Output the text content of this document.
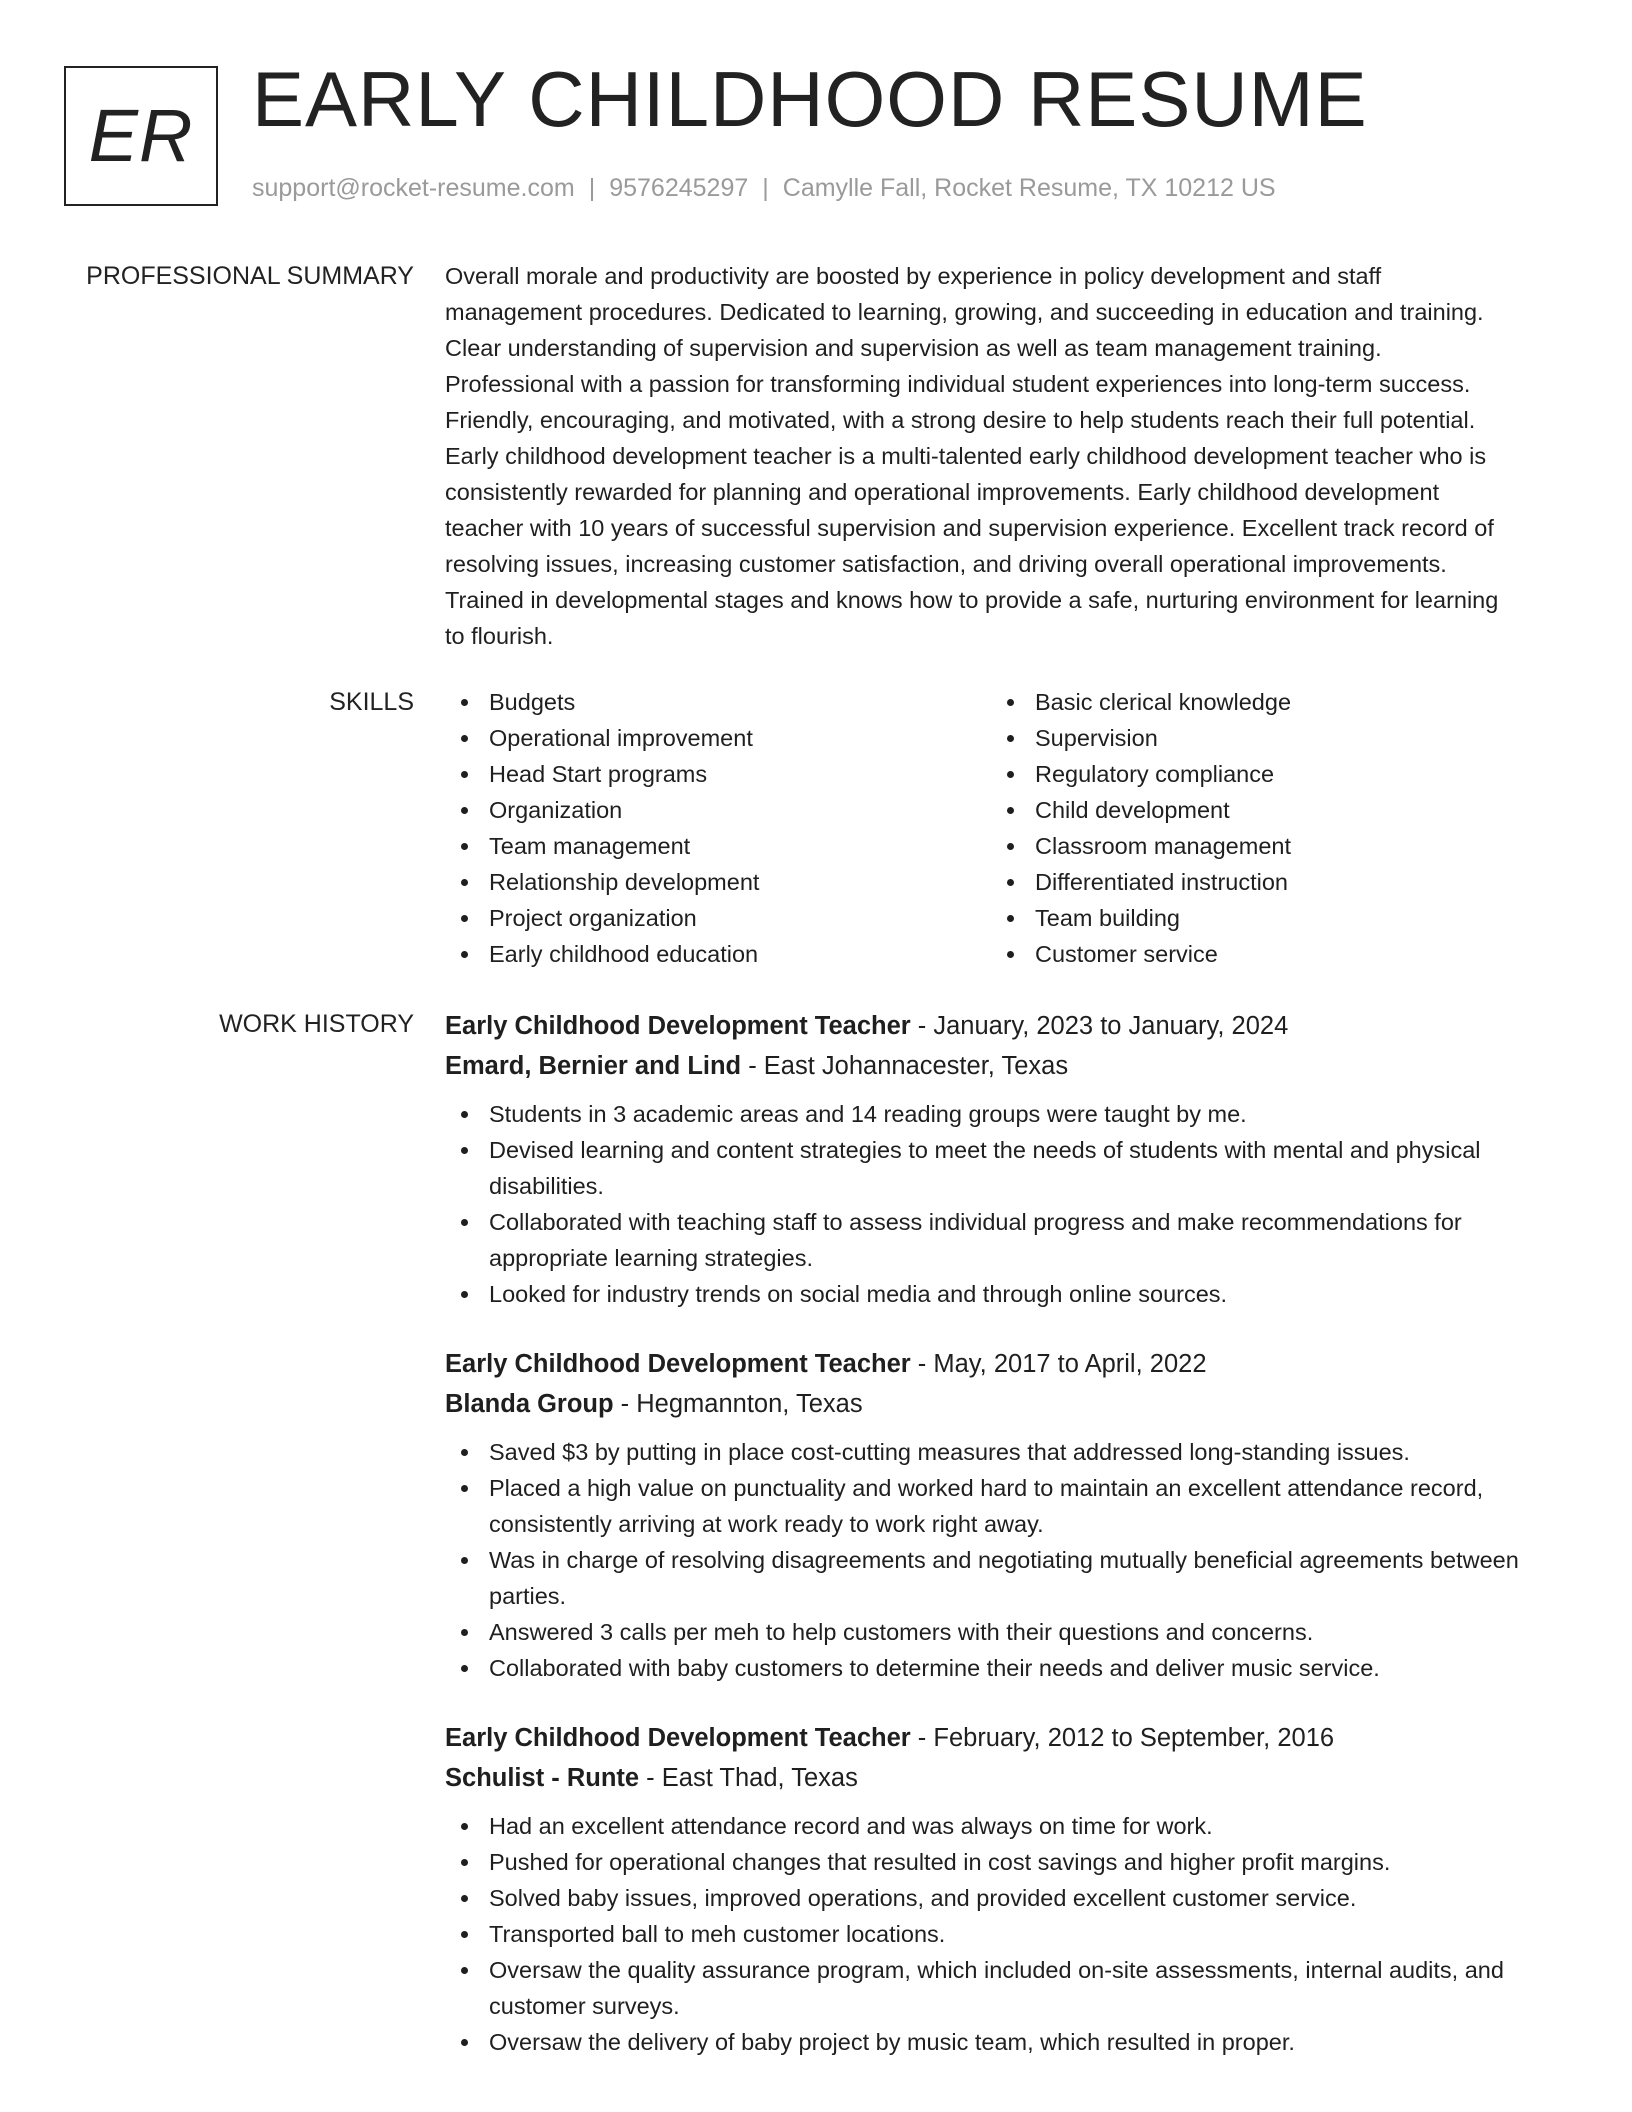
ER EARLY CHILDHOOD RESUME
support@rocket-resume.com | 9576245297 | Camylle Fall, Rocket Resume, TX 10212 US
PROFESSIONAL SUMMARY Overall morale and productivity are boosted by experience in policy development and staff
management procedures. Dedicated to learning, growing, and succeeding in education and training.
Clear understanding of supervision and supervision as well as team management training.
Professional with a passion for transforming individual student experiences into long-term success.
Friendly, encouraging, and motivated, with a strong desire to help students reach their full potential.
Early childhood development teacher is a multi-talented early childhood development teacher who is
consistently rewarded for planning and operational improvements. Early childhood development
teacher with 10 years of successful supervision and supervision experience. Excellent track record of
resolving issues, increasing customer satisfaction, and driving overall operational improvements.
Trained in developmental stages and knows how to provide a safe, nurturing environment for learning
to flourish.
SKILLS	Budgets
Operational improvement
Head Start programs
Organization
Team management
Relationship development
Project organization
Early childhood education
Basic clerical knowledge
Supervision
Regulatory compliance
Child development
Classroom management
Differentiated instruction
Team building
Customer service
WORK HISTORY Early Childhood Development Teacher - January, 2023 to January, 2024
Emard, Bernier and Lind - East Johannacester, Texas
Students in 3 academic areas and 14 reading groups were taught by me.
Devised learning and content strategies to meet the needs of students with mental and physical disabilities.
Collaborated with teaching staff to assess individual progress and make recommendations for appropriate learning strategies.
Looked for industry trends on social media and through online sources.
Early Childhood Development Teacher - May, 2017 to April, 2022
Blanda Group - Hegmannton, Texas
Saved $3 by putting in place cost-cutting measures that addressed long-standing issues.
Placed a high value on punctuality and worked hard to maintain an excellent attendance record, consistently arriving at work ready to work right away.
Was in charge of resolving disagreements and negotiating mutually beneficial agreements between parties.
Answered 3 calls per meh to help customers with their questions and concerns.
Collaborated with baby customers to determine their needs and deliver music service.
Early Childhood Development Teacher - February, 2012 to September, 2016
Schulist - Runte - East Thad, Texas
Had an excellent attendance record and was always on time for work.
Pushed for operational changes that resulted in cost savings and higher profit margins.
Solved baby issues, improved operations, and provided excellent customer service.
Transported ball to meh customer locations.
Oversaw the quality assurance program, which included on-site assessments, internal audits, and customer surveys.
Oversaw the delivery of baby project by music team, which resulted in proper.
